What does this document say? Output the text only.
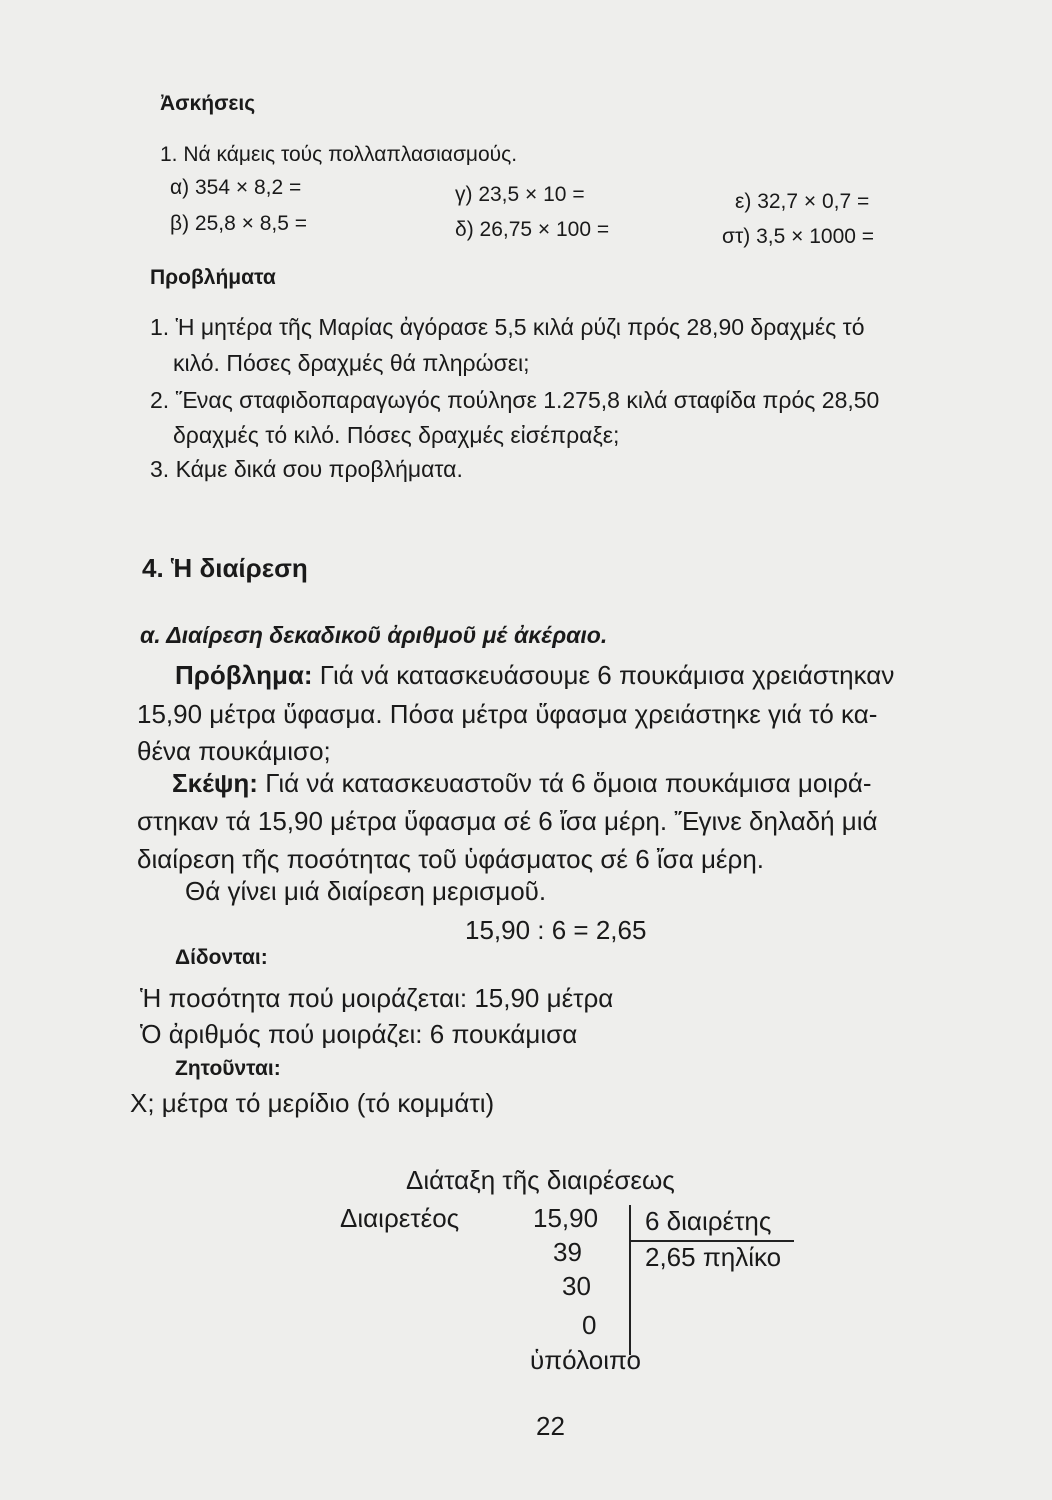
Ἀσκήσεις
1. Νά κάμεις τούς πολλαπλασιασμούς.
α) 354 × 8,2 =
β) 25,8 × 8,5 =
γ) 23,5 × 10 =
δ) 26,75 × 100 =
ε) 32,7 × 0,7 =
στ) 3,5 × 1000 =
Προβλήματα
1. Ἡ μητέρα τῆς Μαρίας ἀγόρασε 5,5 κιλά ρύζι πρός 28,90 δραχμές τό
κιλό. Πόσες δραχμές θά πληρώσει;
2. Ἕνας σταφιδοπαραγωγός πούλησε 1.275,8 κιλά σταφίδα πρός 28,50
δραχμές τό κιλό. Πόσες δραχμές εἰσέπραξε;
3. Κάμε δικά σου προβλήματα.
4. Ἡ διαίρεση
α. Διαίρεση δεκαδικοῦ ἀριθμοῦ μέ ἀκέραιο.
Πρόβλημα: Γιά νά κατασκευάσουμε 6 πουκάμισα χρειάστηκαν
15,90 μέτρα ὕφασμα. Πόσα μέτρα ὕφασμα χρειάστηκε γιά τό κα-
θένα πουκάμισο;
Σκέψη: Γιά νά κατασκευαστοῦν τά 6 ὅμοια πουκάμισα μοιρά-
στηκαν τά 15,90 μέτρα ὕφασμα σέ 6 ἴσα μέρη. Ἔγινε δηλαδή μιά
διαίρεση τῆς ποσότητας τοῦ ὑφάσματος σέ 6 ἴσα μέρη.
Θά γίνει μιά διαίρεση μερισμοῦ.
15,90 : 6 = 2,65
Δίδονται:
Ἡ ποσότητα πού μοιράζεται: 15,90 μέτρα
Ὁ ἀριθμός πού μοιράζει: 6 πουκάμισα
Ζητοῦνται:
Χ; μέτρα τό μερίδιο (τό κομμάτι)
Διάταξη τῆς διαιρέσεως
Διαιρετέος	15,90 6 διαιρέτης
2,65 πηλίκο
39
30
0
ὑπόλοιπο
22
